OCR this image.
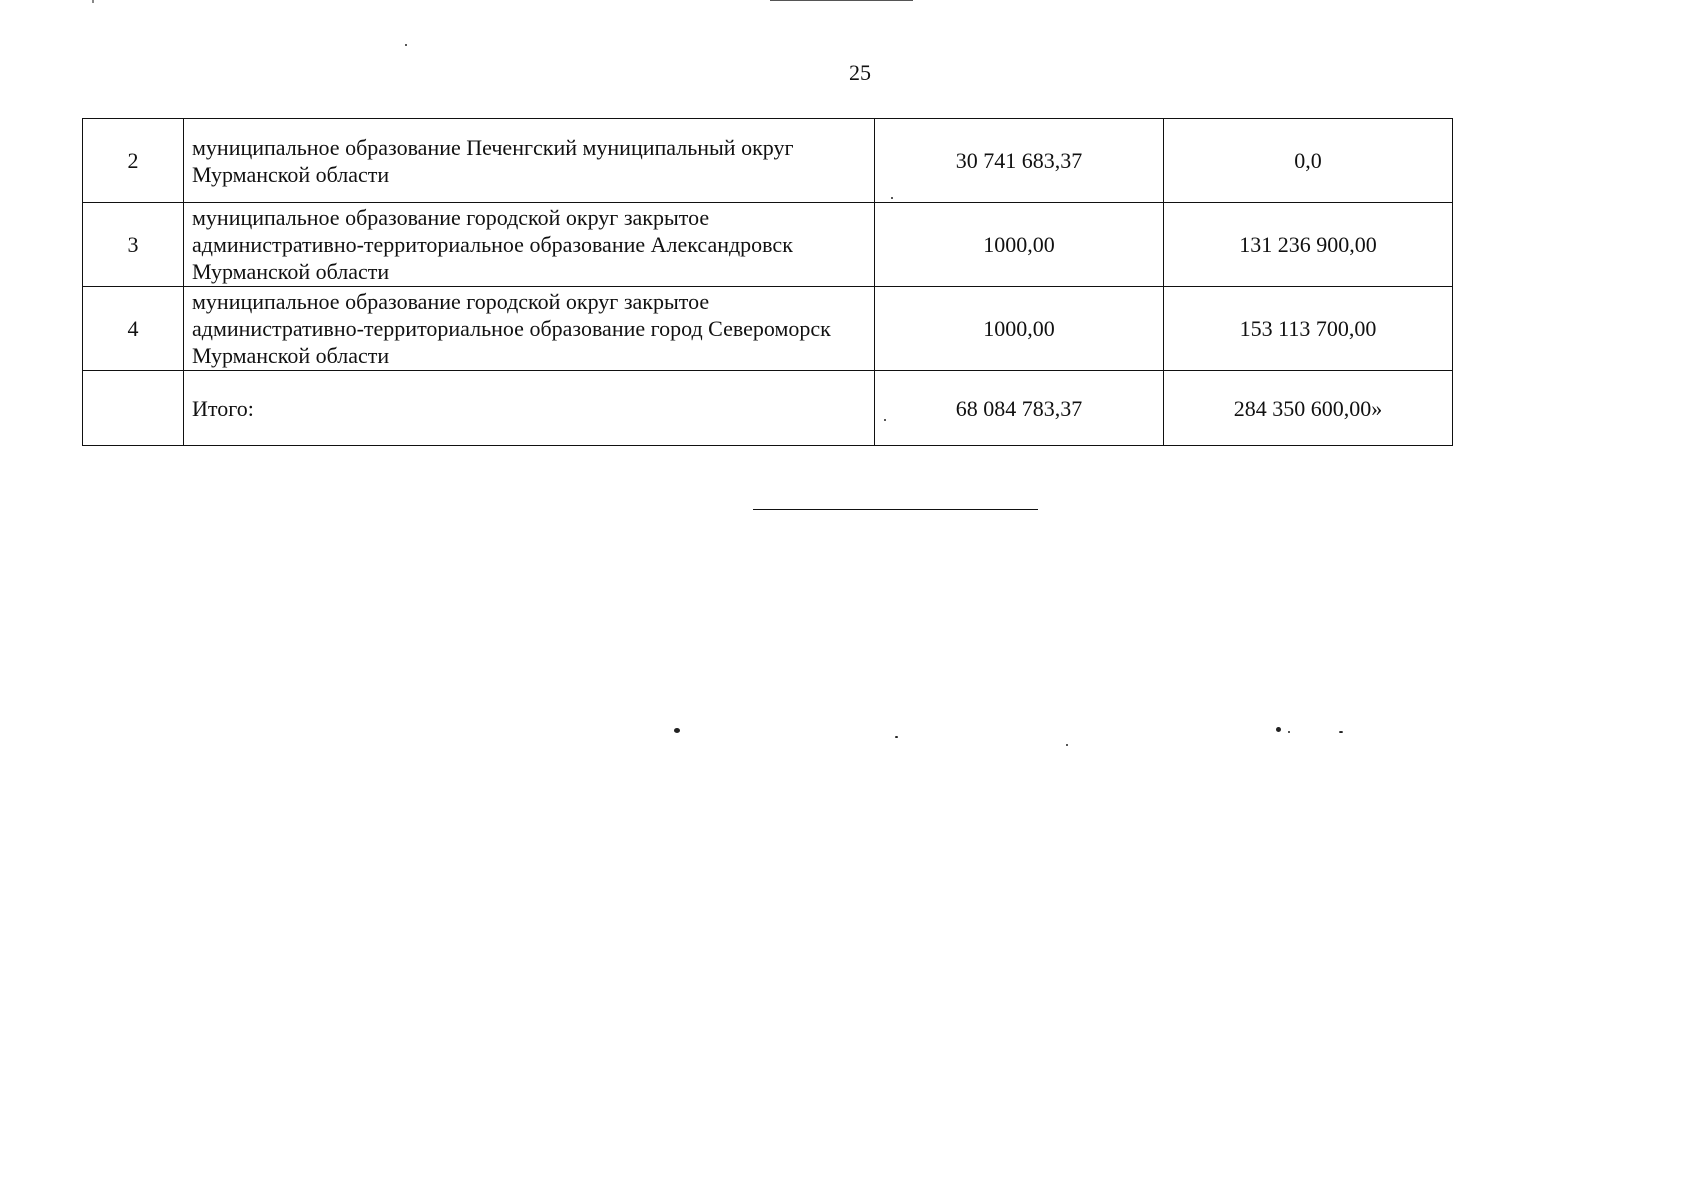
25
2	муниципальное образование Печенгский муниципальный округ Мурманской области	30 741 683,37	0,0
3	муниципальное образование городской округ закрытое административно-территориальное образование Александровск Мурманской области	1000,00	131 236 900,00
4	муниципальное образование городской округ закрытое административно-территориальное образование город Североморск Мурманской области	1000,00	153 113 700,00
	Итого:	68 084 783,37	284 350 600,00»
